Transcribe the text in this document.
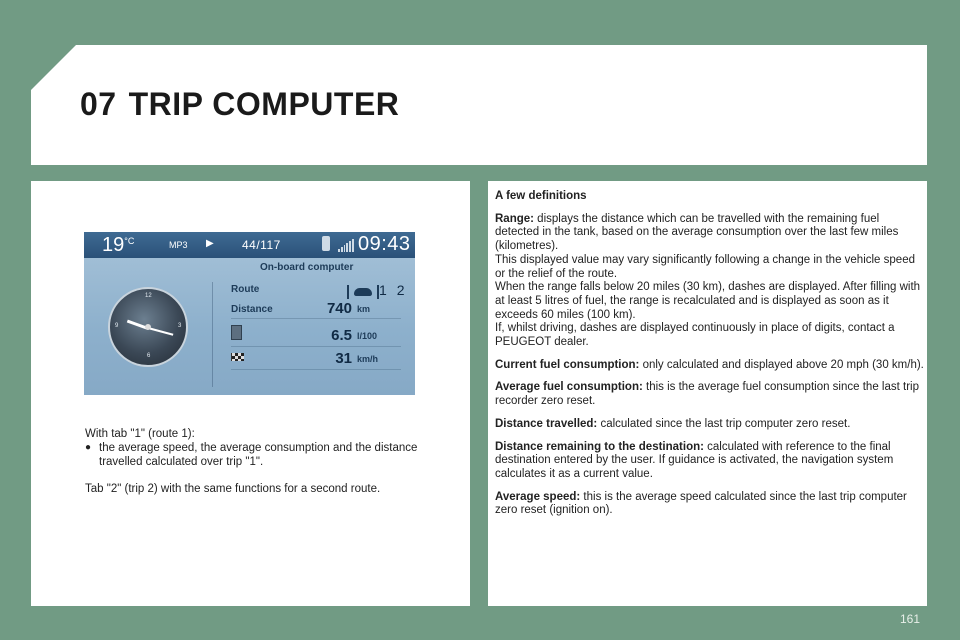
07 TRIP COMPUTER
$19^{^\circ C}$	MP3 ▶ 44/117	09:43
On-board computer
12
3
6
9
Route	1 2
Distance	740 km
6.5 l/100
31 km/h

With tab "1" (route 1):

● the average speed, the average consumption and the distance travelled calculated over trip "1".

Tab "2" (trip 2) with the same functions for a second route.

A few definitions

Range: displays the distance which can be travelled with the remaining fuel detected in the tank, based on the average consumption over the last few miles (kilometres).
This displayed value may vary significantly following a change in the vehicle speed or the relief of the route.
When the range falls below 20 miles (30 km), dashes are displayed. After filling with at least 5 litres of fuel, the range is recalculated and is displayed as soon as it exceeds 60 miles (100 km).
If, whilst driving, dashes are displayed continuously in place of digits, contact a PEUGEOT dealer.

Current fuel consumption: only calculated and displayed above 20 mph (30 km/h).

Average fuel consumption: this is the average fuel consumption since the last trip recorder zero reset.

Distance travelled: calculated since the last trip computer zero reset.

Distance remaining to the destination: calculated with reference to the final destination entered by the user. If guidance is activated, the navigation system calculates it as a current value.

Average speed: this is the average speed calculated since the last trip computer zero reset (ignition on).

161
